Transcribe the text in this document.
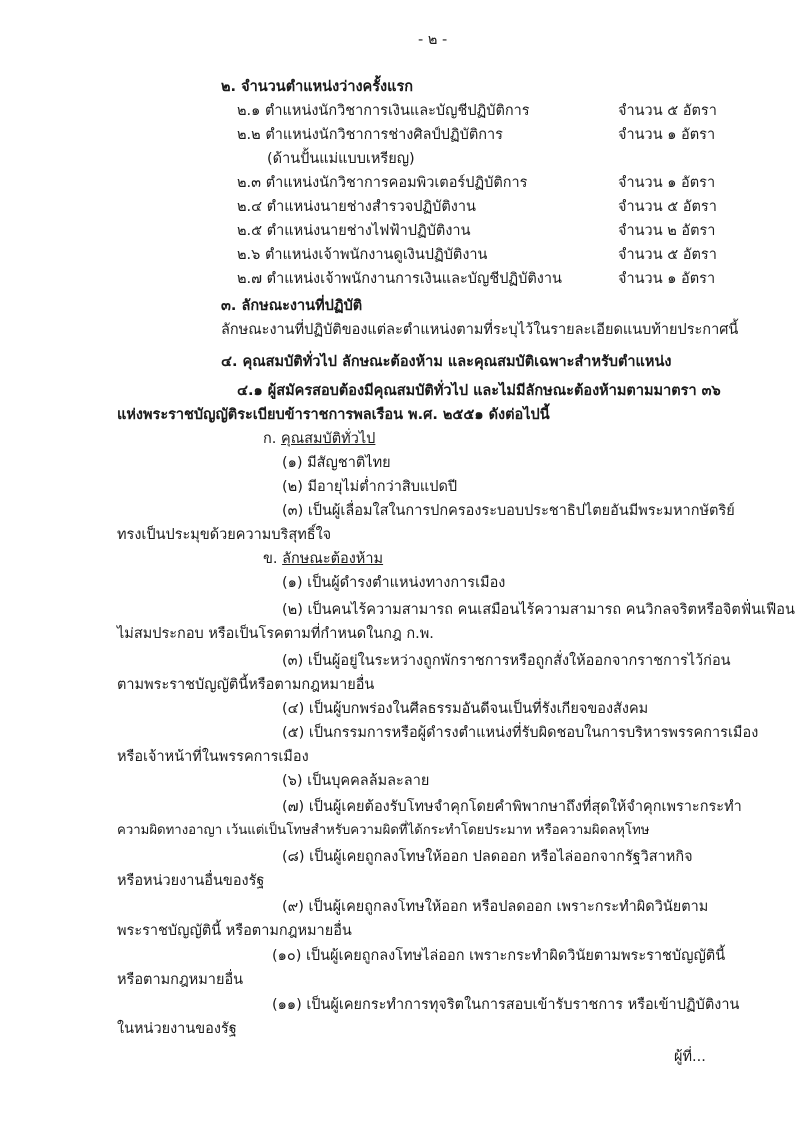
- ๒ -
๒. จำนวนตำแหน่งว่างครั้งแรก
๒.๑ ตำแหน่งนักวิชาการเงินและบัญชีปฏิบัติการ	จำนวน ๕ อัตรา
๒.๒ ตำแหน่งนักวิชาการช่างศิลป์ปฏิบัติการ	จำนวน ๑ อัตรา
(ด้านปั้นแม่แบบเหรียญ)
๒.๓ ตำแหน่งนักวิชาการคอมพิวเตอร์ปฏิบัติการ	จำนวน ๑ อัตรา
๒.๔ ตำแหน่งนายช่างสำรวจปฏิบัติงาน	จำนวน ๕ อัตรา
๒.๕ ตำแหน่งนายช่างไฟฟ้าปฏิบัติงาน	จำนวน ๒ อัตรา
๒.๖ ตำแหน่งเจ้าพนักงานดูเงินปฏิบัติงาน	จำนวน ๕ อัตรา
๒.๗ ตำแหน่งเจ้าพนักงานการเงินและบัญชีปฏิบัติงาน	จำนวน ๑ อัตรา
๓. ลักษณะงานที่ปฏิบัติ
ลักษณะงานที่ปฏิบัติของแต่ละตำแหน่งตามที่ระบุไว้ในรายละเอียดแนบท้ายประกาศนี้
๔. คุณสมบัติทั่วไป ลักษณะต้องห้าม และคุณสมบัติเฉพาะสำหรับตำแหน่ง
๔.๑ ผู้สมัครสอบต้องมีคุณสมบัติทั่วไป และไม่มีลักษณะต้องห้ามตามมาตรา ๓๖
แห่งพระราชบัญญัติระเบียบข้าราชการพลเรือน พ.ศ. ๒๕๕๑ ดังต่อไปนี้
ก. คุณสมบัติทั่วไป
(๑) มีสัญชาติไทย
(๒) มีอายุไม่ต่ำกว่าสิบแปดปี
(๓) เป็นผู้เลื่อมใสในการปกครองระบอบประชาธิปไตยอันมีพระมหากษัตริย์
ทรงเป็นประมุขด้วยความบริสุทธิ์ใจ
ข. ลักษณะต้องห้าม
(๑) เป็นผู้ดำรงตำแหน่งทางการเมือง
(๒) เป็นคนไร้ความสามารถ คนเสมือนไร้ความสามารถ คนวิกลจริตหรือจิตฟั่นเฟือน
ไม่สมประกอบ หรือเป็นโรคตามที่กำหนดในกฎ ก.พ.
(๓) เป็นผู้อยู่ในระหว่างถูกพักราชการหรือถูกสั่งให้ออกจากราชการไว้ก่อน
ตามพระราชบัญญัตินี้หรือตามกฎหมายอื่น
(๔) เป็นผู้บกพร่องในศีลธรรมอันดีจนเป็นที่รังเกียจของสังคม
(๕) เป็นกรรมการหรือผู้ดำรงตำแหน่งที่รับผิดชอบในการบริหารพรรคการเมือง
หรือเจ้าหน้าที่ในพรรคการเมือง
(๖) เป็นบุคคลล้มละลาย
(๗) เป็นผู้เคยต้องรับโทษจำคุกโดยคำพิพากษาถึงที่สุดให้จำคุกเพราะกระทำ
ความผิดทางอาญา เว้นแต่เป็นโทษสำหรับความผิดที่ได้กระทำโดยประมาท หรือความผิดลหุโทษ
(๘) เป็นผู้เคยถูกลงโทษให้ออก ปลดออก หรือไล่ออกจากรัฐวิสาหกิจ
หรือหน่วยงานอื่นของรัฐ
(๙) เป็นผู้เคยถูกลงโทษให้ออก หรือปลดออก เพราะกระทำผิดวินัยตาม
พระราชบัญญัตินี้ หรือตามกฎหมายอื่น
(๑๐) เป็นผู้เคยถูกลงโทษไล่ออก เพราะกระทำผิดวินัยตามพระราชบัญญัตินี้
หรือตามกฎหมายอื่น
(๑๑) เป็นผู้เคยกระทำการทุจริตในการสอบเข้ารับราชการ หรือเข้าปฏิบัติงาน
ในหน่วยงานของรัฐ
ผู้ที่...
